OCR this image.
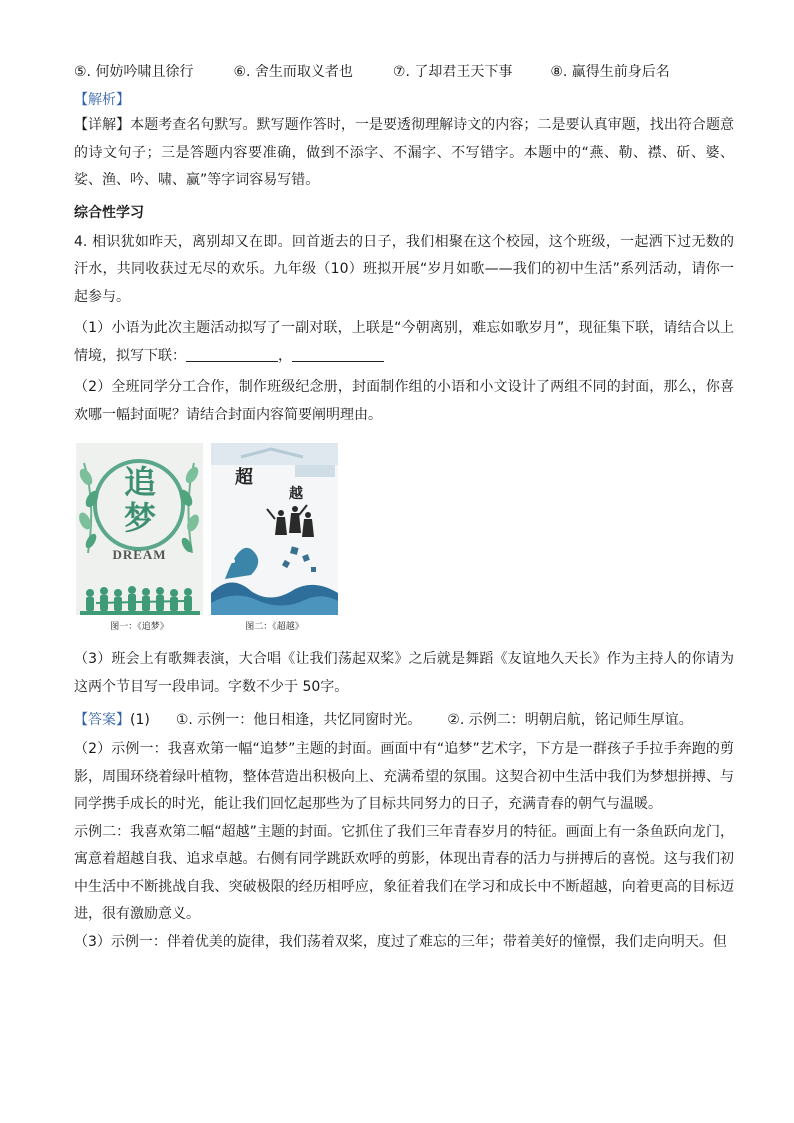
⑤. 何妨吟啸且徐行	⑥. 舍生而取义者也	⑦. 了却君王天下事	⑧. 赢得生前身后名
【解析】

【详解】本题考查名句默写。默写题作答时，一是要透彻理解诗文的内容；二是要认真审题，找出符合题意的诗文句子；三是答题内容要准确，做到不添字、不漏字、不写错字。本题中的“燕、勒、襟、斫、婆、娑、渔、吟、啸、赢”等字词容易写错。

综合性学习

4. 相识犹如昨天，离别却又在即。回首逝去的日子，我们相聚在这个校园，这个班级，一起洒下过无数的汗水，共同收获过无尽的欢乐。九年级（10）班拟开展“岁月如歌——我们的初中生活”系列活动，请你一起参与。

（1）小语为此次主题活动拟写了一副对联，上联是“今朝离别，难忘如歌岁月”，现征集下联，请结合以上情境，拟写下联：	，

（2）全班同学分工合作，制作班级纪念册，封面制作组的小语和小文设计了两组不同的封面，那么，你喜欢哪一幅封面呢？请结合封面内容简要阐明理由。

追
梦
DREAM
超
越
图一：《追梦》	图二：《超越》

（3）班会上有歌舞表演，大合唱《让我们荡起双桨》之后就是舞蹈《友谊地久天长》作为主持人的你请为这两个节目写一段串词。字数不少于 50字。

【答案】 (1) ①. 示例一：他日相逢，共忆同窗时光。 ②. 示例二：明朝启航，铭记师生厚谊。

（2）示例一：我喜欢第一幅“追梦”主题的封面。画面中有“追梦”艺术字，下方是一群孩子手拉手奔跑的剪影，周围环绕着绿叶植物，整体营造出积极向上、充满希望的氛围。这契合初中生活中我们为梦想拼搏、与同学携手成长的时光，能让我们回忆起那些为了目标共同努力的日子，充满青春的朝气与温暖。

示例二：我喜欢第二幅“超越”主题的封面。它抓住了我们三年青春岁月的特征。画面上有一条鱼跃向龙门，寓意着超越自我、追求卓越。右侧有同学跳跃欢呼的剪影，体现出青春的活力与拼搏后的喜悦。这与我们初中生活中不断挑战自我、突破极限的经历相呼应，象征着我们在学习和成长中不断超越，向着更高的目标迈进，很有激励意义。

（3）示例一：伴着优美的旋律，我们荡着双桨，度过了难忘的三年；带着美好的憧憬，我们走向明天。但
